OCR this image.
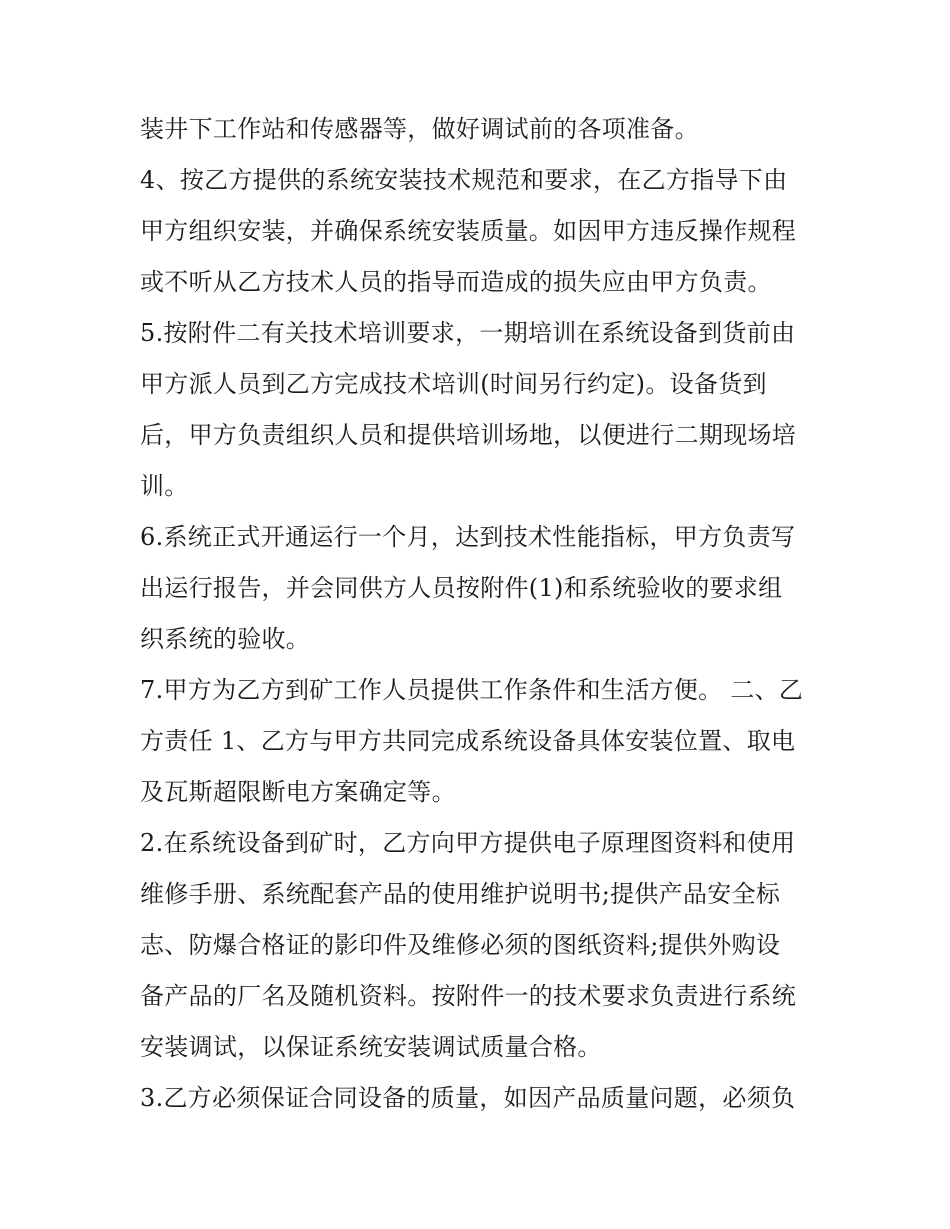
装井下工作站和传感器等，做好调试前的各项准备。
4、按乙方提供的系统安装技术规范和要求，在乙方指导下由
甲方组织安装，并确保系统安装质量。如因甲方违反操作规程
或不听从乙方技术人员的指导而造成的损失应由甲方负责。
5.按附件二有关技术培训要求，一期培训在系统设备到货前由
甲方派人员到乙方完成技术培训(时间另行约定)。设备货到
后，甲方负责组织人员和提供培训场地，以便进行二期现场培
训。
6.系统正式开通运行一个月，达到技术性能指标，甲方负责写
出运行报告，并会同供方人员按附件(1)和系统验收的要求组
织系统的验收。
7.甲方为乙方到矿工作人员提供工作条件和生活方便。 二、乙
方责任 1、乙方与甲方共同完成系统设备具体安装位置、取电
及瓦斯超限断电方案确定等。
2.在系统设备到矿时，乙方向甲方提供电子原理图资料和使用
维修手册、系统配套产品的使用维护说明书;提供产品安全标
志、防爆合格证的影印件及维修必须的图纸资料;提供外购设
备产品的厂名及随机资料。按附件一的技术要求负责进行系统
安装调试，以保证系统安装调试质量合格。
3.乙方必须保证合同设备的质量，如因产品质量问题，必须负
